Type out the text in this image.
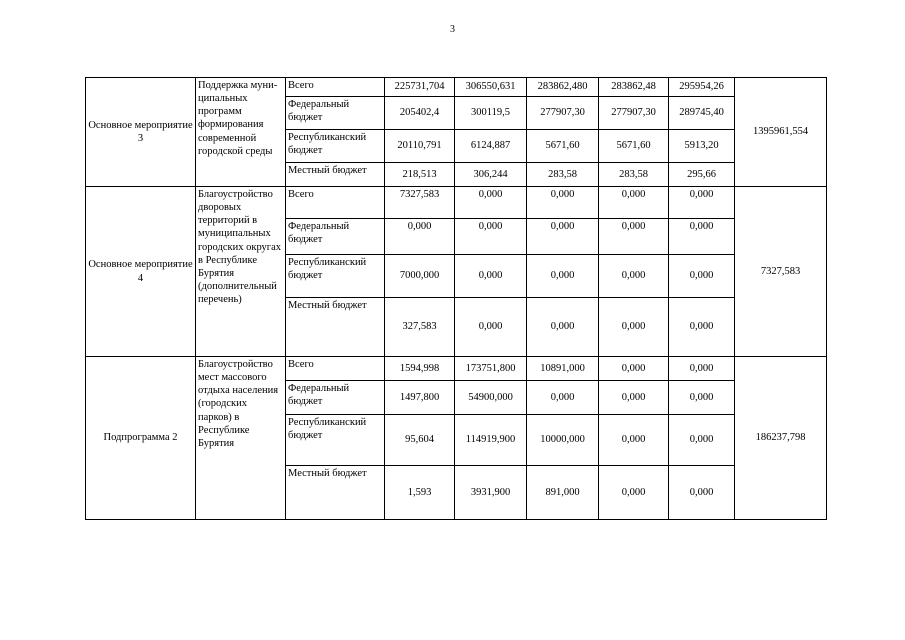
3
Основное мероприятие 3	Поддержка муни-ципальных программ формирования современной городской среды	Всего	225731,704	306550,631	283862,480	283862,48	295954,26	1395961,554
		Федеральный бюджет	205402,4	300119,5	277907,30	277907,30	289745,40	
		Республиканский бюджет	20110,791	6124,887	5671,60	5671,60	5913,20	
		Местный бюджет	218,513	306,244	283,58	283,58	295,66	
Основное мероприятие 4	Благоустройство дворовых территорий в муниципальных городских округах в Республике Бурятия (дополнительный перечень)	Всего	7327,583	0,000	0,000	0,000	0,000	7327,583
		Федеральный бюджет	0,000	0,000	0,000	0,000	0,000	
		Республиканский бюджет	7000,000	0,000	0,000	0,000	0,000	
		Местный бюджет	327,583	0,000	0,000	0,000	0,000	
Подпрограмма 2	Благоустройство мест массового отдыха населения (городских парков) в Республике Бурятия	Всего	1594,998	173751,800	10891,000	0,000	0,000	186237,798
		Федеральный бюджет	1497,800	54900,000	0,000	0,000	0,000	
		Республиканский бюджет	95,604	114919,900	10000,000	0,000	0,000	
		Местный бюджет	1,593	3931,900	891,000	0,000	0,000	
